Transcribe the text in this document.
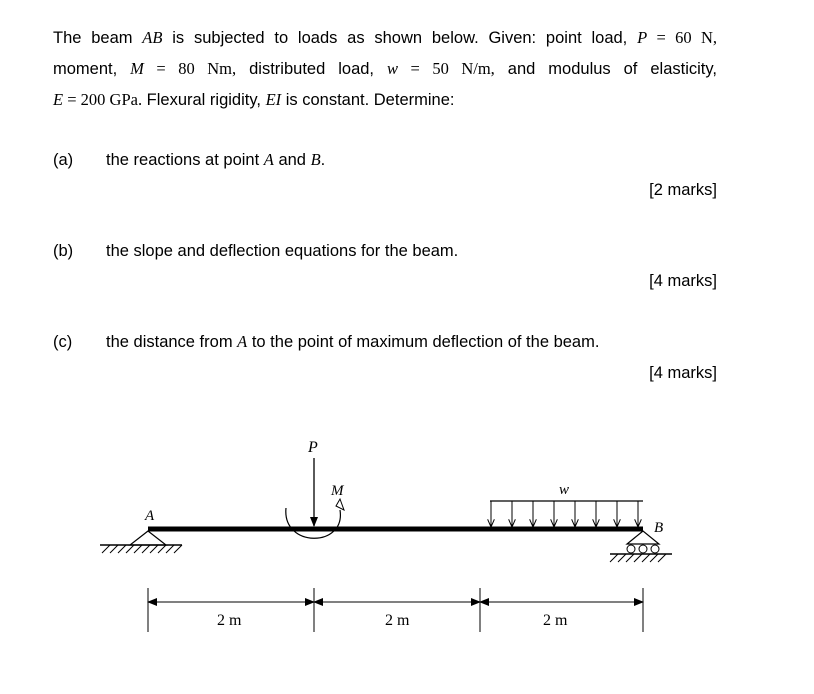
The beam AB is subjected to loads as shown below. Given: point load, P = 60 N,
moment, M = 80 Nm, distributed load, w = 50 N/m, and modulus of elasticity,
E = 200 GPa. Flexural rigidity, EI is constant. Determine:
(a) the reactions at point A and B.
[2 marks]
(b) the slope and deflection equations for the beam.
[4 marks]
(c) the distance from A to the point of maximum deflection of the beam.
[4 marks]
A
B
P
M	w
2 m	2 m	2 m
